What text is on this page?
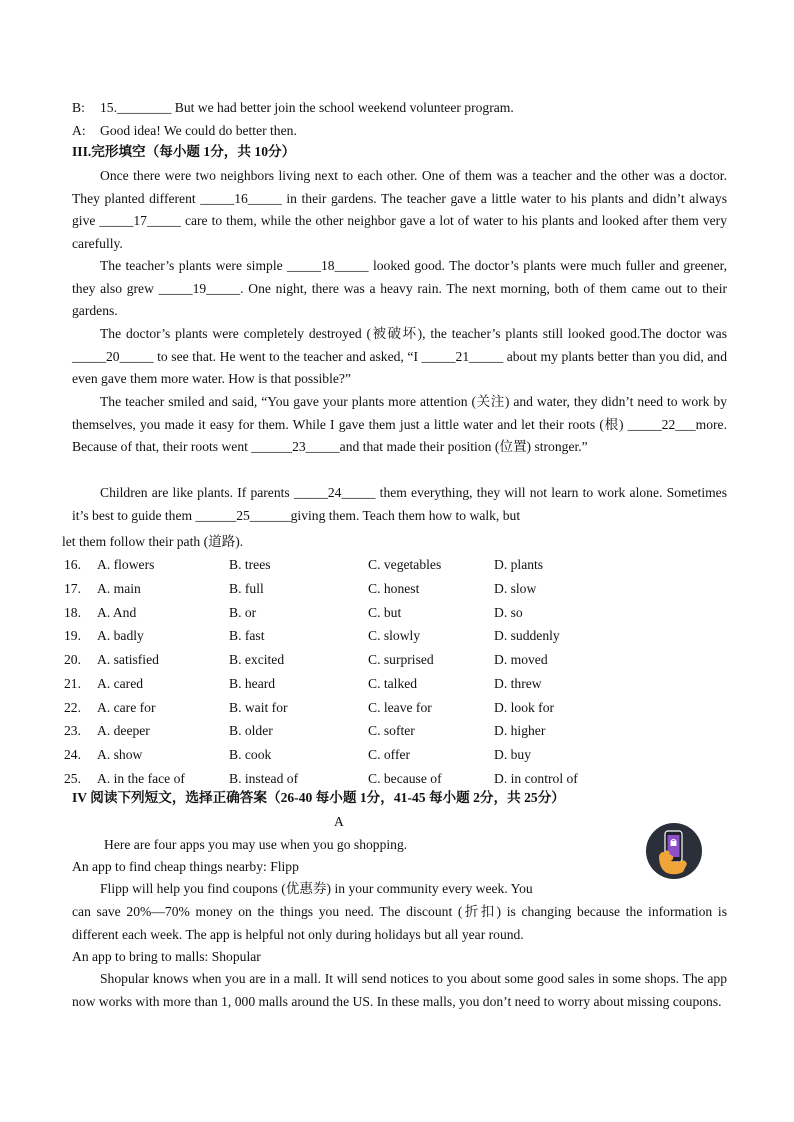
B: 15.________ But we had better join the school weekend volunteer program.
A: Good idea! We could do better then.
III.完形填空（每小题 1分，共 10分）
Once there were two neighbors living next to each other. One of them was a teacher and the other was a doctor. They planted different _____16_____ in their gardens. The teacher gave a little water to his plants and didn’t always give _____17_____ care to them, while the other neighbor gave a lot of water to his plants and looked after them very carefully.
The teacher’s plants were simple _____18_____ looked good. The doctor’s plants were much fuller and greener, they also grew _____19_____. One night, there was a heavy rain. The next morning, both of them came out to their gardens.
The doctor’s plants were completely destroyed (被破坏), the teacher’s plants still looked good.The doctor was _____20_____ to see that. He went to the teacher and asked, “I _____21_____ about my plants better than you did, and even gave them more water. How is that possible?”
The teacher smiled and said, “You gave your plants more attention (关注) and water, they didn’t need to work by themselves, you made it easy for them. While I gave them just a little water and let their roots (根) _____22___more. Because of that, their roots went ______23_____and that made their position (位置) stronger.”
Children are like plants. If parents _____24_____ them everything, they will not learn to work alone. Sometimes it’s best to guide them ______25______giving them. Teach them how to walk, but
let them follow their path (道路).
16. A. flowers	B. trees	C. vegetables	D. plants
17. A. main	B. full	C. honest	D. slow
18. A. And	B. or	C. but	D. so
19. A. badly	B. fast	C. slowly	D. suddenly
20. A. satisfied	B. excited	C. surprised	D. moved
21. A. cared	B. heard	C. talked	D. threw
22. A. care for	B. wait for	C. leave for	D. look for
23. A. deeper	B. older	C. softer	D. higher
24. A. show	B. cook	C. offer	D. buy
25. A. in the face of	B. instead of	C. because of	D. in control of
IV 阅读下列短文，选择正确答案（26-40 每小题 1分，41-45 每小题 2分，共 25分）
A
Here are four apps you may use when you go shopping.
An app to find cheap things nearby: Flipp
Flipp will help you find coupons (优惠券) in your community every week. You
can save 20%—70% money on the things you need. The discount (折扣) is changing because the information is different each week. The app is helpful not only during holidays but all year round.
An app to bring to malls: Shopular
Shopular knows when you are in a mall. It will send notices to you about some good sales in some shops. The app now works with more than 1, 000 malls around the US. In these malls, you don’t need to worry about missing coupons.
